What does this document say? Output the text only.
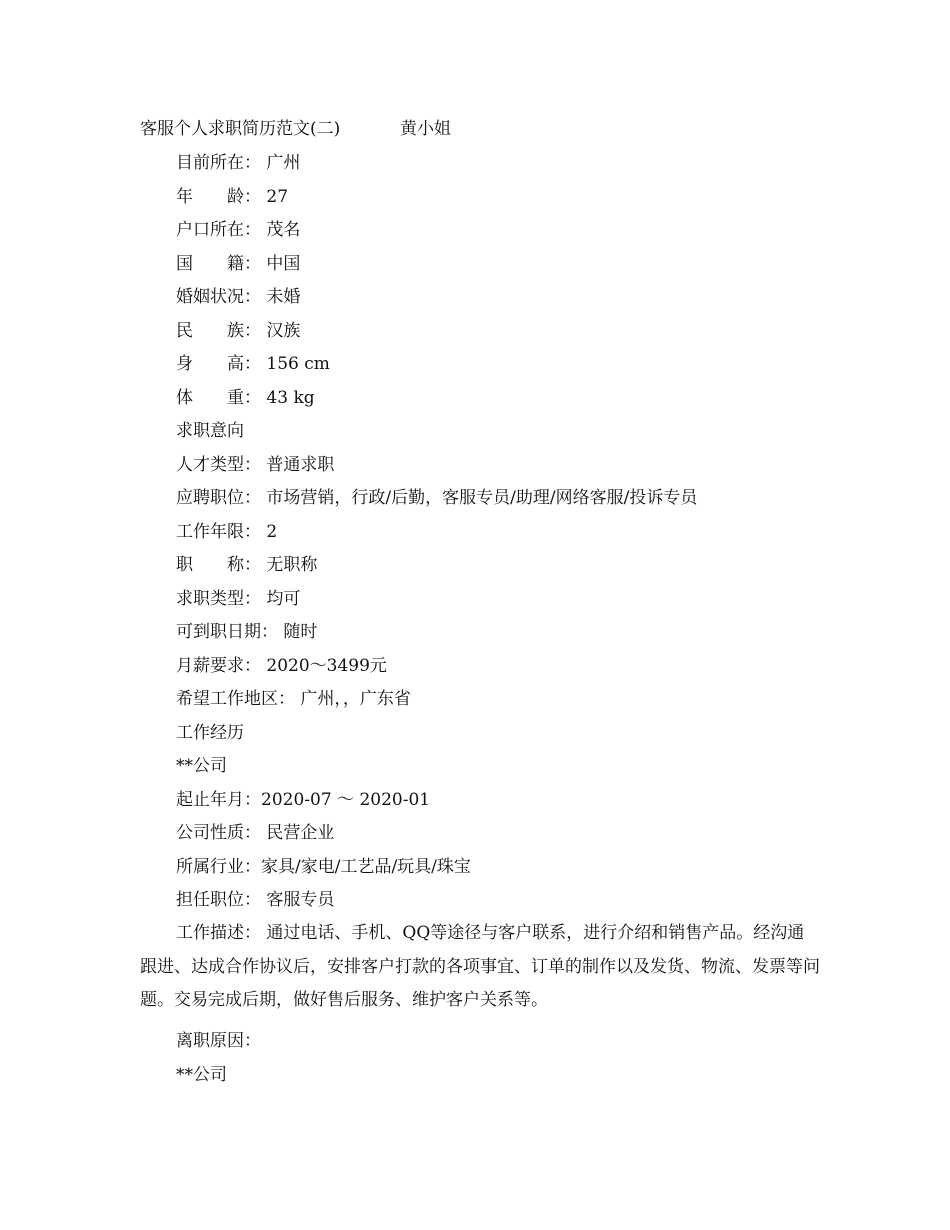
客服个人求职简历范文(二)	黄小姐
目前所在： 广州
年　　龄： 27
户口所在： 茂名
国　　籍： 中国
婚姻状况： 未婚
民　　族： 汉族
身　　高： 156 cm
体　　重： 43 kg
求职意向
人才类型： 普通求职
应聘职位： 市场营销，行政/后勤，客服专员/助理/网络客服/投诉专员
工作年限： 2
职　　称： 无职称
求职类型： 均可
可到职日期： 随时
月薪要求： 2020～3499元
希望工作地区： 广州，，广东省
工作经历
**公司
起止年月：2020-07 ～ 2020-01
公司性质： 民营企业
所属行业：家具/家电/工艺品/玩具/珠宝
担任职位： 客服专员
工作描述： 通过电话、手机、QQ等途径与客户联系，进行介绍和销售产品。经沟通跟进、达成合作协议后，安排客户打款的各项事宜、订单的制作以及发货、物流、发票等问题。交易完成后期，做好售后服务、维护客户关系等。
离职原因：
**公司
